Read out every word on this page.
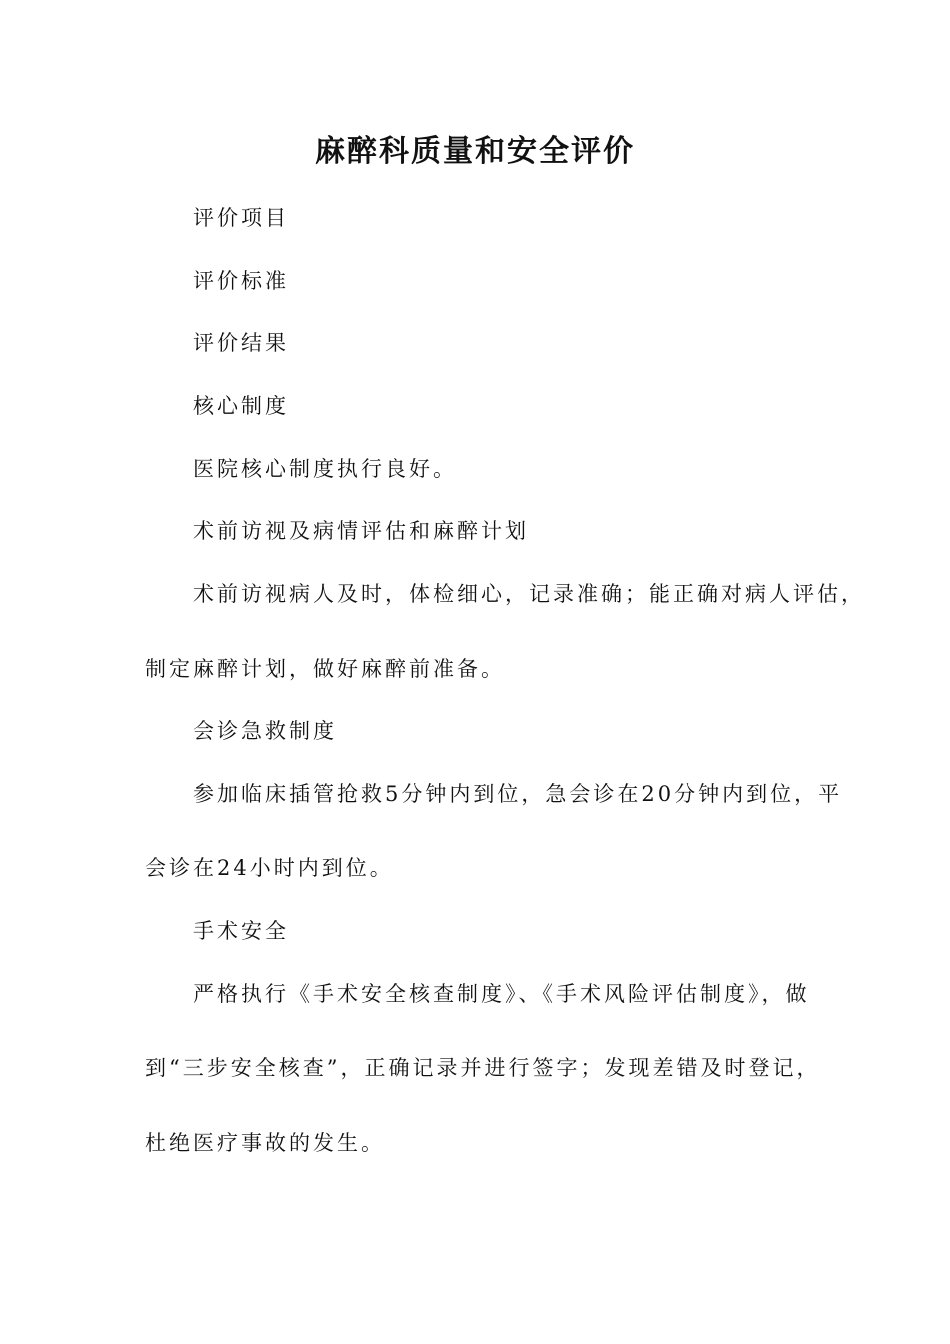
麻醉科质量和安全评价
评价项目
评价标准
评价结果
核心制度
医院核心制度执行良好。
术前访视及病情评估和麻醉计划
术前访视病人及时，体检细心，记录准确；能正确对病人评估，
制定麻醉计划，做好麻醉前准备。
会诊急救制度
参加临床插管抢救5分钟内到位，急会诊在20分钟内到位，平
会诊在24小时内到位。
手术安全
严格执行《手术安全核查制度》、《手术风险评估制度》，做
到“三步安全核查”，正确记录并进行签字；发现差错及时登记，
杜绝医疗事故的发生。
